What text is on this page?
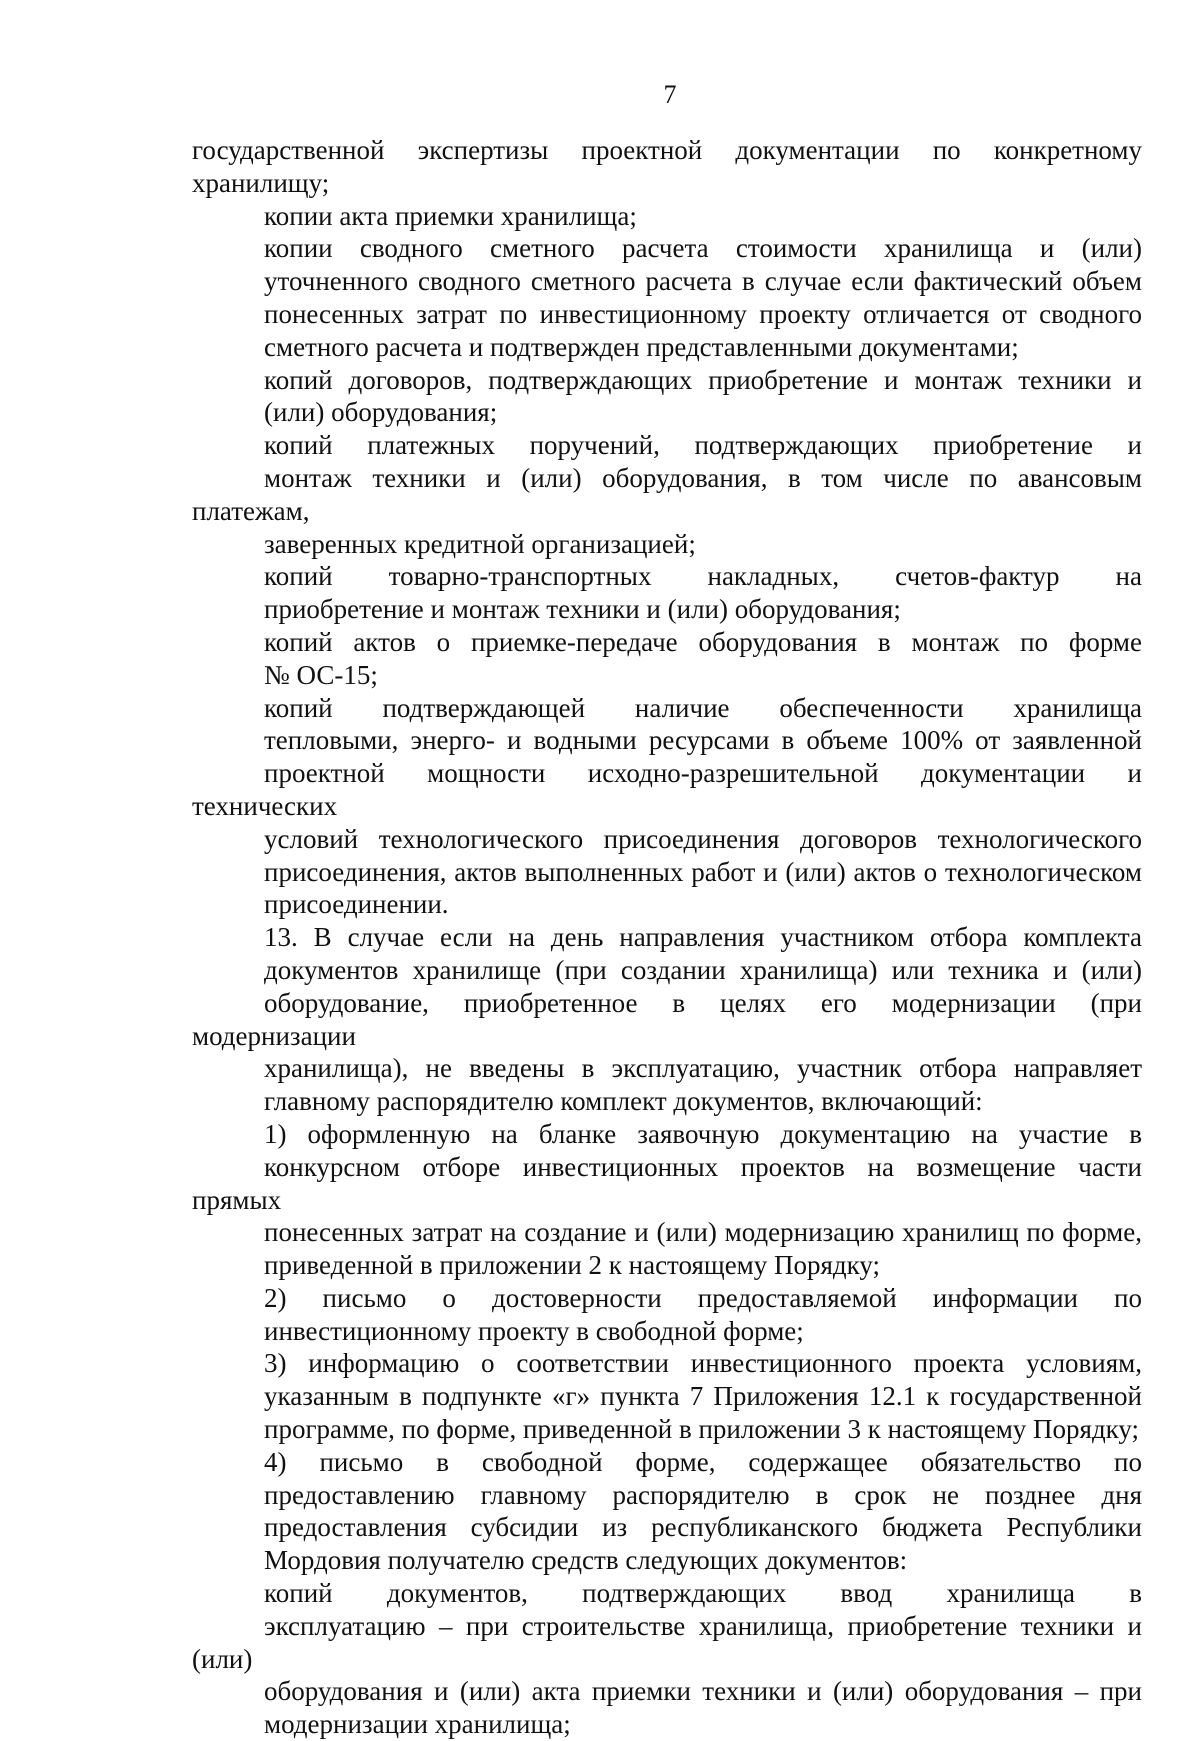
7

государственной экспертизы проектной документации по конкретному
хранилищу;

копии акта приемки хранилища;

копии сводного сметного расчета стоимости хранилища и (или)
уточненного сводного сметного расчета в случае если фактический объем
понесенных затрат по инвестиционному проекту отличается от сводного
сметного расчета и подтвержден представленными документами;

копий договоров, подтверждающих приобретение и монтаж техники и
(или) оборудования;

копий платежных поручений, подтверждающих приобретение и
монтаж техники и (или) оборудования, в том числе по авансовым платежам,
заверенных кредитной организацией;

копий товарно-транспортных накладных, счетов-фактур на
приобретение и монтаж техники и (или) оборудования;

копий актов о приемке-передаче оборудования в монтаж по форме
№ ОС-15;

копий подтверждающей наличие обеспеченности хранилища
тепловыми, энерго- и водными ресурсами в объеме 100% от заявленной
проектной мощности исходно-разрешительной документации и технических
условий технологического присоединения договоров технологического
присоединения, актов выполненных работ и (или) актов о технологическом
присоединении.

13. В случае если на день направления участником отбора комплекта
документов хранилище (при создании хранилища) или техника и (или)
оборудование, приобретенное в целях его модернизации (при модернизации
хранилища), не введены в эксплуатацию, участник отбора направляет
главному распорядителю комплект документов, включающий:

1) оформленную на бланке заявочную документацию на участие в
конкурсном отборе инвестиционных проектов на возмещение части прямых
понесенных затрат на создание и (или) модернизацию хранилищ по форме,
приведенной в приложении 2 к настоящему Порядку;

2) письмо о достоверности предоставляемой информации по
инвестиционному проекту в свободной форме;

3) информацию о соответствии инвестиционного проекта условиям,
указанным в подпункте «г» пункта 7 Приложения 12.1 к государственной
программе, по форме, приведенной в приложении 3 к настоящему Порядку;

4) письмо в свободной форме, содержащее обязательство по
предоставлению главному распорядителю в срок не позднее дня
предоставления субсидии из республиканского бюджета Республики
Мордовия получателю средств следующих документов:

копий документов, подтверждающих ввод хранилища в
эксплуатацию – при строительстве хранилища, приобретение техники и (или)
оборудования и (или) акта приемки техники и (или) оборудования – при
модернизации хранилища;
